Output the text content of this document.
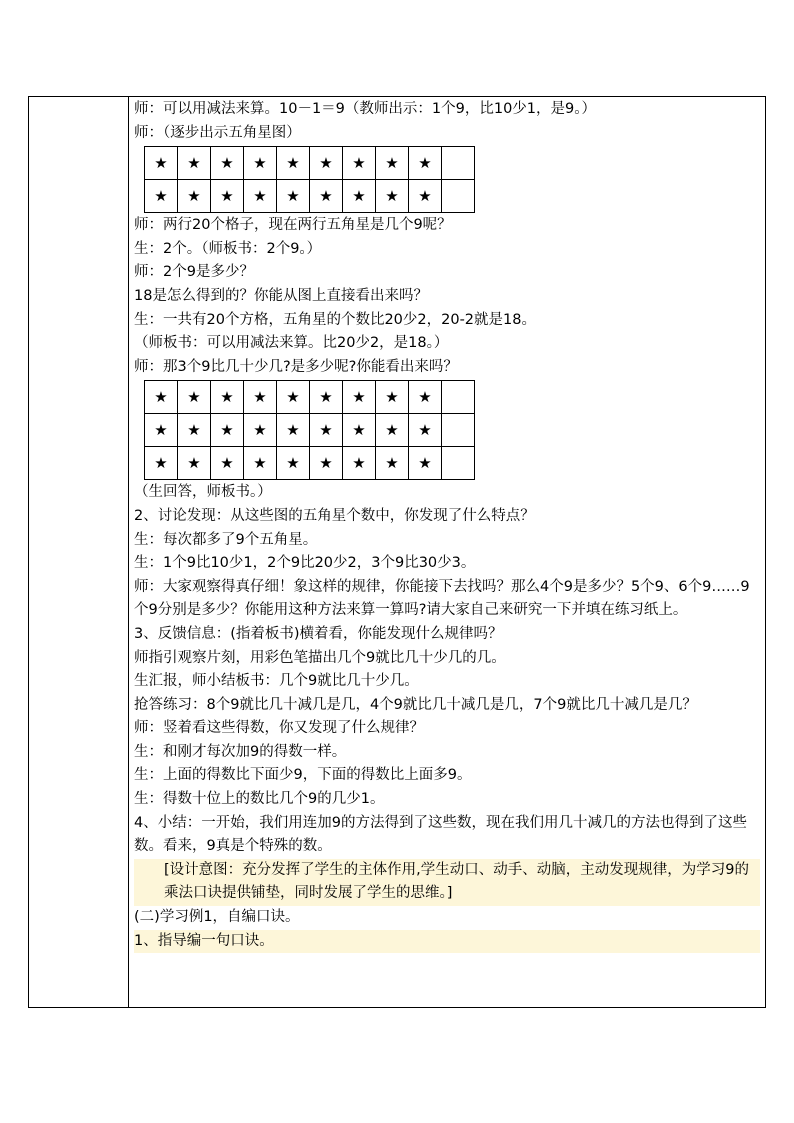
师：可以用减法来算。10－1＝9（教师出示：1个9，比10少1，是9。）
师：（逐步出示五角星图）
★	★	★	★	★	★	★	★	★	
★	★	★	★	★	★	★	★	★	
师：两行20个格子，现在两行五角星是几个9呢？
生：2个。（师板书：2个9。）
师：2个9是多少？
18是怎么得到的？你能从图上直接看出来吗？
生：一共有20个方格，五角星的个数比20少2，20-2就是18。
（师板书：可以用减法来算。比20少2，是18。）
师：那3个9比几十少几?是多少呢?你能看出来吗？
★	★	★	★	★	★	★	★	★	
★	★	★	★	★	★	★	★	★	
★	★	★	★	★	★	★	★	★	
（生回答，师板书。）
2、讨论发现：从这些图的五角星个数中，你发现了什么特点？
生：每次都多了9个五角星。
生：1个9比10少1，2个9比20少2，3个9比30少3。
师：大家观察得真仔细！象这样的规律，你能接下去找吗？那么4个9是多少？5个9、6个9……9个9分别是多少？你能用这种方法来算一算吗?请大家自己来研究一下并填在练习纸上。
3、反馈信息：(指着板书)横着看，你能发现什么规律吗？
师指引观察片刻，用彩色笔描出几个9就比几十少几的几。
生汇报，师小结板书：几个9就比几十少几。
抢答练习：8个9就比几十减几是几，4个9就比几十减几是几，7个9就比几十减几是几？
师：竖着看这些得数，你又发现了什么规律？
生：和刚才每次加9的得数一样。
生：上面的得数比下面少9，下面的得数比上面多9。
生：得数十位上的数比几个9的几少1。
4、小结：一开始，我们用连加9的方法得到了这些数，现在我们用几十减几的方法也得到了这些数。看来，9真是个特殊的数。
[设计意图：充分发挥了学生的主体作用,学生动口、动手、动脑，主动发现规律，为学习9的乘法口诀提供铺垫，同时发展了学生的思维。]
(二)学习例1，自编口诀。
1、指导编一句口诀。
